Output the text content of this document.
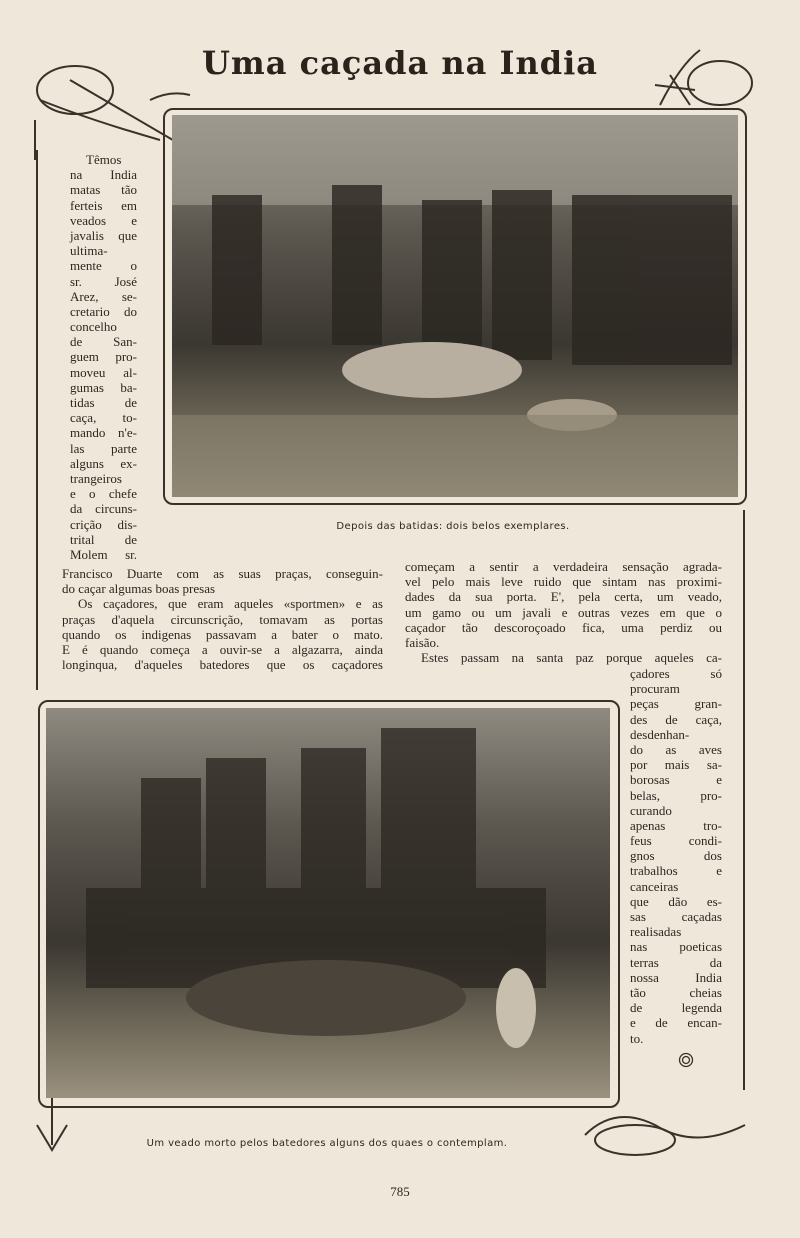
Uma caçada na India
Depois das batidas: dois belos exemplares.
Um veado morto pelos batedores alguns dos quaes o contemplam.
Têmos
na India
matas tão
ferteis em
veados e
javalis que
ultima-
mente o
sr. José
Arez, se-
cretario do
concelho
de San-
guem pro-
moveu al-
gumas ba-
tidas de
caça, to-
mando n'e-
las parte
alguns ex-
trangeiros
e o chefe
da circuns-
crição dis-
trital de
Molem sr.
Francisco Duarte com as suas praças, conseguin-
do caçar algumas boas presas
Os caçadores, que eram aqueles «sportmen» e as
praças d'aquela circunscrição, tomavam as portas
quando os indigenas passavam a bater o mato.
E é quando começa a ouvir-se a algazarra, ainda
longinqua, d'aqueles batedores que os caçadores
começam a sentir a verdadeira sensação agrada-
vel pelo mais leve ruido que sintam nas proximi-
dades da sua porta. E', pela certa, um veado,
um gamo ou um javali e outras vezes em que o
caçador tão descoroçoado fica, uma perdiz ou
faisão.
Estes passam na santa paz porque aqueles ca-
çadores só
procuram
peças gran-
des de caça,
desdenhan-
do as aves
por mais sa-
borosas e
belas, pro-
curando
apenas tro-
feus condi-
gnos dos
trabalhos e
canceiras
que dão es-
sas caçadas
realisadas
nas poeticas
terras da
nossa India
tão cheias
de legenda
e de encan-
to.
785
